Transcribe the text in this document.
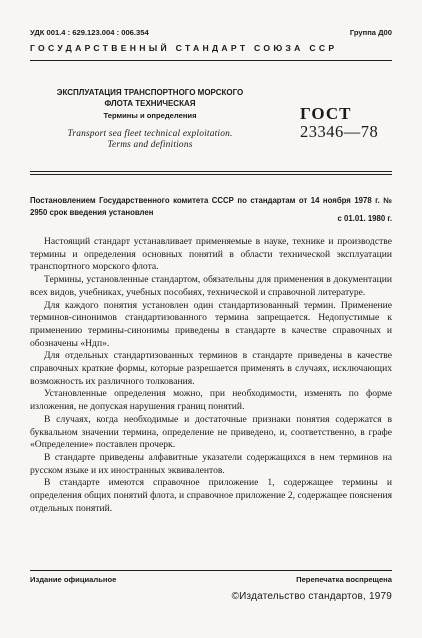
УДК 001.4 : 629.123.004 : 006.354	Группа Д00
ГОСУДАРСТВЕННЫЙ СТАНДАРТ СОЮЗА ССР
ЭКСПЛУАТАЦИЯ ТРАНСПОРТНОГО МОРСКОГО
ФЛОТА ТЕХНИЧЕСКАЯ
Термины и определения
Transport sea fleet technical exploitation.
Terms and definitions
ГОСТ
23346—78
Постановлением Государственного комитета СССР по стандартам от 14 ноября 1978 г. № 2950 срок введения установлен
с 01.01. 1980 г.

Настоящий стандарт устанавливает применяемые в науке, технике и производстве термины и определения основных понятий в области технической эксплуатации транспортного морского флота.

Термины, установленные стандартом, обязательны для применения в документации всех видов, учебниках, учебных пособиях, технической и справочной литературе.

Для каждого понятия установлен один стандартизованный термин. Применение терминов-синонимов стандартизованного термина запрещается. Недопустимые к применению термины-синонимы приведены в стандарте в качестве справочных и обозначены «Ндп».

Для отдельных стандартизованных терминов в стандарте приведены в качестве справочных краткие формы, которые разрешается применять в случаях, исключающих возможность их различного толкования.

Установленные определения можно, при необходимости, изменять по форме изложения, не допуская нарушения границ понятий.

В случаях, когда необходимые и достаточные признаки понятия содержатся в буквальном значении термина, определение не приведено, и, соответственно, в графе «Определение» поставлен прочерк.

В стандарте приведены алфавитные указатели содержащихся в нем терминов на русском языке и их иностранных эквивалентов.

В стандарте имеются справочное приложение 1, содержащее термины и определения общих понятий флота, и справочное приложение 2, содержащее пояснения отдельных понятий.

Издание официальное	Перепечатка воспрещена
©Издательство стандартов, 1979
